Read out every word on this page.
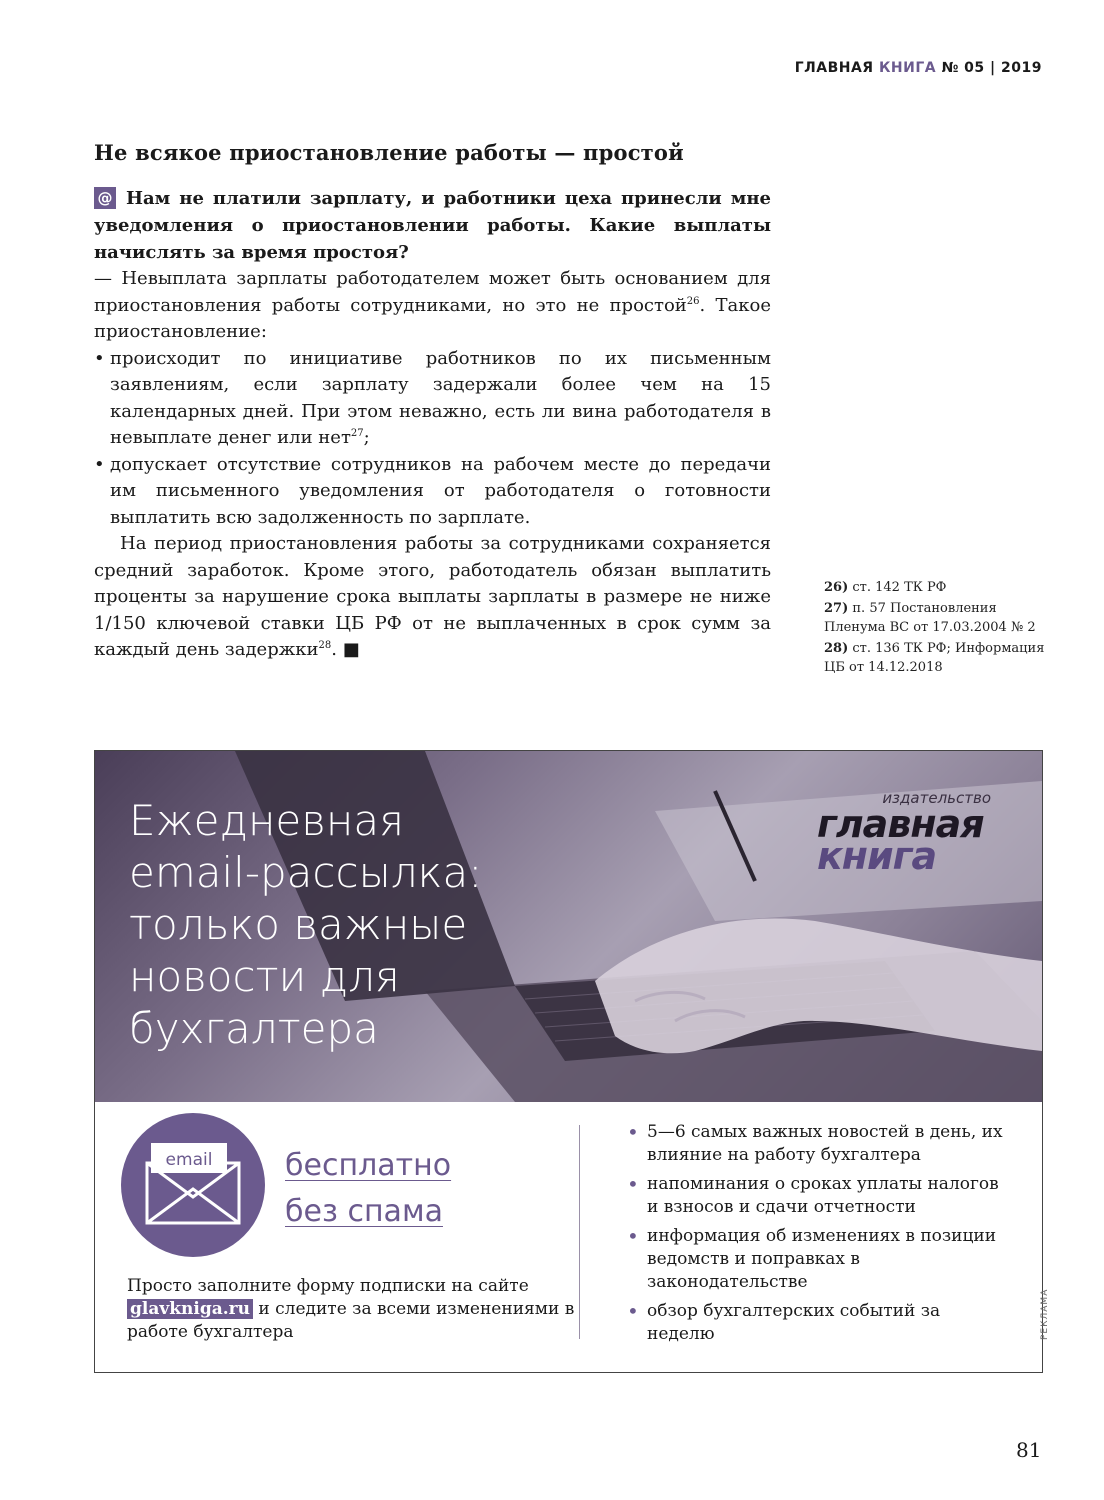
ГЛАВНАЯ КНИГА № 05 | 2019
Не всякое приостановление работы — простой

@ Нам не платили зарплату, и работники цеха принесли мне уведомления о приостановлении работы. Какие выплаты начислять за время простоя?

— Невыплата зарплаты работодателем может быть основанием для приостановления работы сотрудниками, но это не простой$^{26}$. Такое приостановление:

• происходит по инициативе работников по их письменным заявлениям, если зарплату задержали более чем на 15 календарных дней. При этом неважно, есть ли вина работодателя в невыплате денег или нет$^{27}$;
• допускает отсутствие сотрудников на рабочем месте до передачи им письменного уведомления от работодателя о готовности выплатить всю задолженность по зарплате.

На период приостановления работы за сотрудниками сохраняется средний заработок. Кроме этого, работодатель обязан выплатить проценты за нарушение срока выплаты зарплаты в размере не ниже 1/150 ключевой ставки ЦБ РФ от не выплаченных в срок сумм за каждый день задержки$^{28}$. ■

26) ст. 142 ТК РФ
27) п. 57 Постановления Пленума ВС от 17.03.2004 № 2
28) ст. 136 ТК РФ; Информация ЦБ от 14.12.2018
Ежедневная
email-рассылка:
только важные
новости для
бухгалтера
издательство
главная
книга
email бесплатно
без спама

Просто заполните форму подписки на сайте glavkniga.ru и следите за всеми изменениями в работе бухгалтера

• 5—6 самых важных новостей в день, их влияние на работу бухгалтера
• напоминания о сроках уплаты налогов и взносов и сдачи отчетности
• информация об изменениях в позиции ведомств и поправках в законодательстве
• обзор бухгалтерских событий за неделю	РЕКЛАМА
81
